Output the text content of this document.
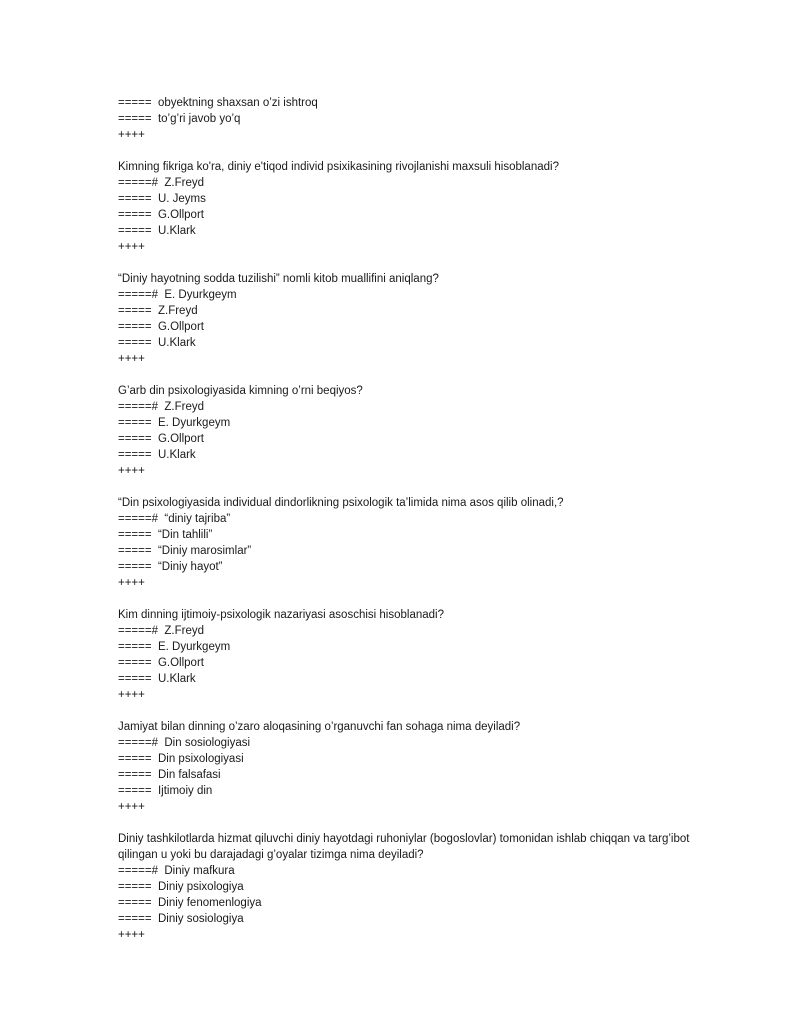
=====  obyektning shaxsan o’zi ishtroq
=====  to’g’ri javob yo’q
++++
Kimning fikriga ko'ra, diniy e'tiqod individ psixikasining rivojlanishi maxsuli hisoblanadi?
=====#  Z.Freyd
=====  U. Jeyms
=====  G.Ollport
=====  U.Klark
++++
“Diniy hayotning sodda tuzilishi” nomli kitob muallifini aniqlang?
=====#  E. Dyurkgeym
=====  Z.Freyd
=====  G.Ollport
=====  U.Klark
++++
G’arb din psixologiyasida kimning o’rni beqiyos?
=====#  Z.Freyd
=====  E. Dyurkgeym
=====  G.Ollport
=====  U.Klark
++++
“Din psixologiyasida individual dindorlikning psixologik ta’limida nima asos qilib olinadi,?
=====#  “diniy tajriba”
=====  “Din tahlili”
=====  “Diniy marosimlar”
=====  “Diniy hayot”
++++
Kim dinning ijtimoiy-psixologik nazariyasi asoschisi hisoblanadi?
=====#  Z.Freyd
=====  E. Dyurkgeym
=====  G.Ollport
=====  U.Klark
++++
Jamiyat bilan dinning o’zaro aloqasining o’rganuvchi fan sohaga nima deyiladi?
=====#  Din sosiologiyasi
=====  Din psixologiyasi
=====  Din falsafasi
=====  Ijtimoiy din
++++
Diniy tashkilotlarda hizmat qiluvchi diniy hayotdagi ruhoniylar (bogoslovlar) tomonidan ishlab chiqqan va targ’ibot qilingan u yoki bu darajadagi g’oyalar tizimga nima deyiladi?
=====#  Diniy mafkura
=====  Diniy psixologiya
=====  Diniy fenomenlogiya
=====  Diniy sosiologiya
++++
